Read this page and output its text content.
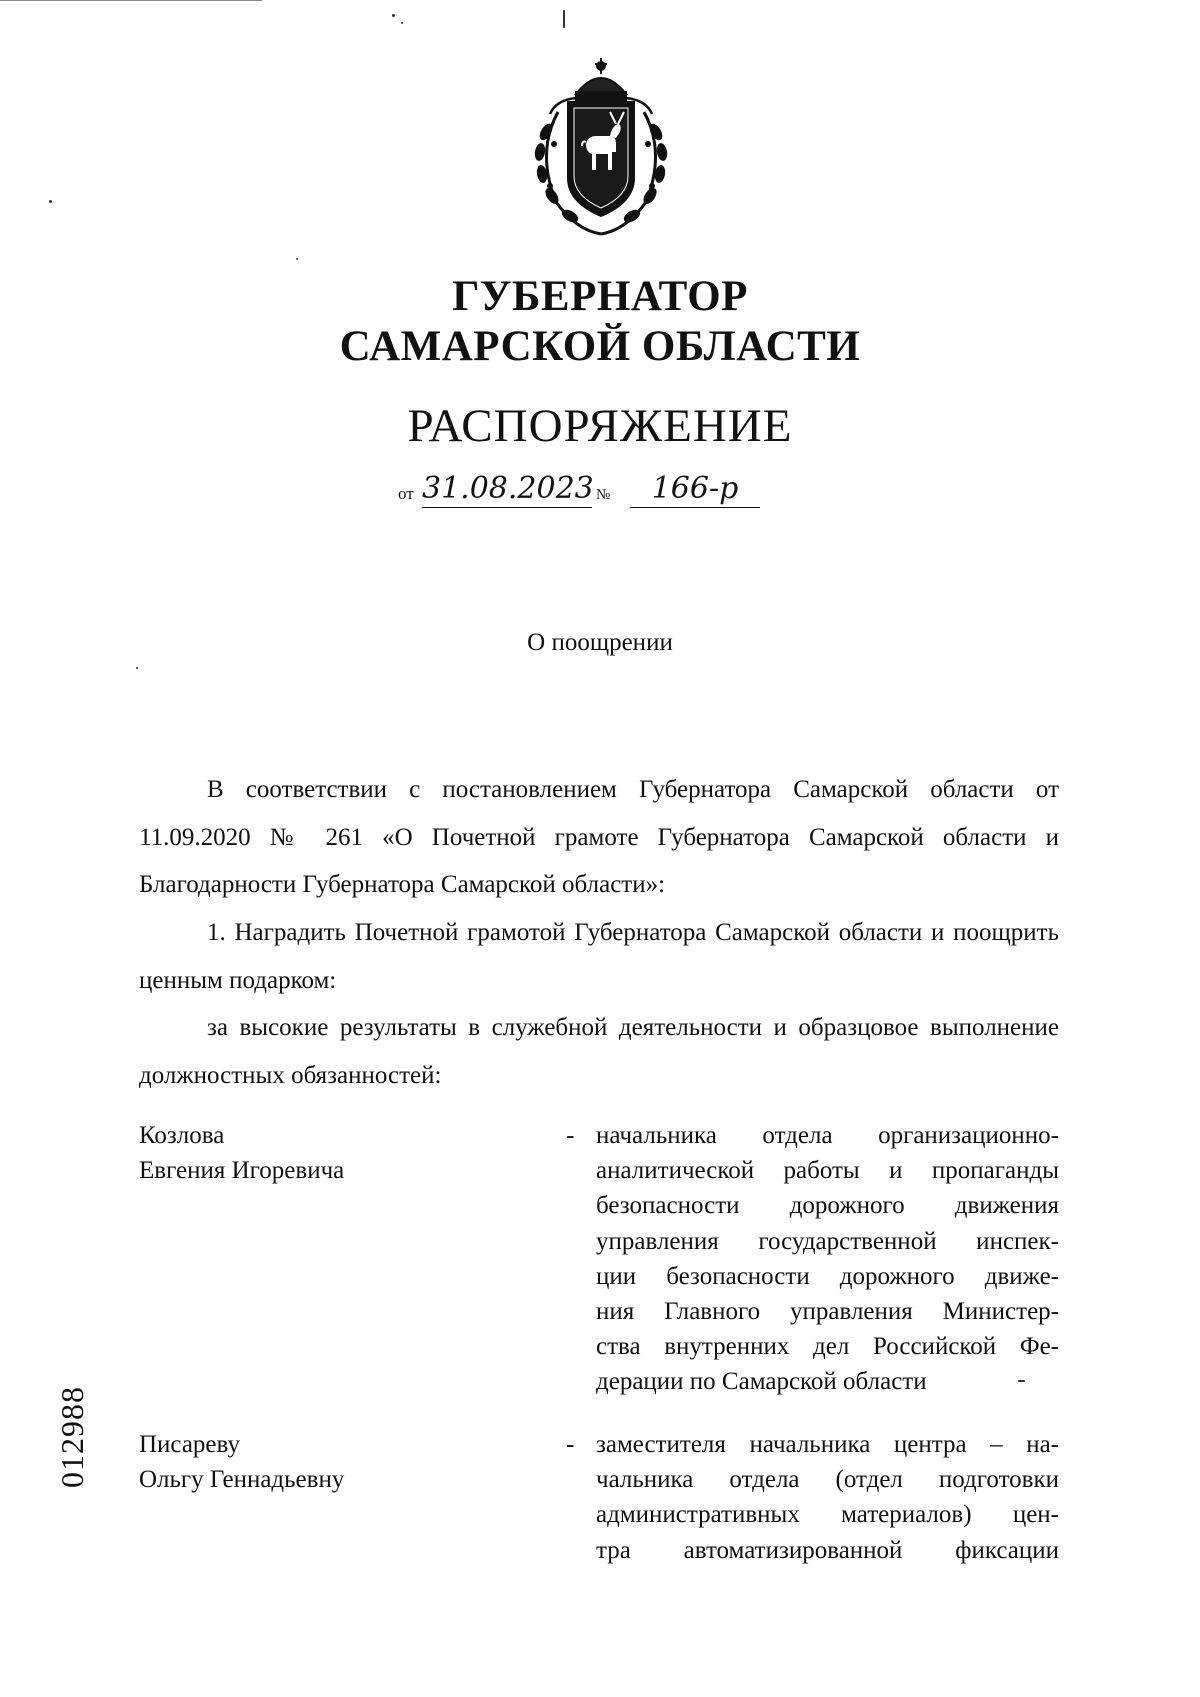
ГУБЕРНАТОР
САМАРСКОЙ ОБЛАСТИ
РАСПОРЯЖЕНИЕ
от 31.08.2023 №	166-р
О поощрении
В соответствии с постановлением Губернатора Самарской области от 11.09.2020 № 261 «О Почетной грамоте Губернатора Самарской области и Благодарности Губернатора Самарской области»:
1. Наградить Почетной грамотой Губернатора Самарской области и поощрить ценным подарком:
за высокие результаты в служебной деятельности и образцовое выполнение должностных обязанностей:
Козлова
Евгения Игоревича
- начальника отдела организационно-
аналитической работы и пропаганды
безопасности дорожного движения
управления государственной инспек-
ции безопасности дорожного движе-
ния Главного управления Министер-
ства внутренних дел Российской Фе-
дерации по Самарской области
Писареву
Ольгу Геннадьевну
- заместителя начальника центра – на-
чальника отдела (отдел подготовки
административных материалов) цен-
тра автоматизированной фиксации
012988
